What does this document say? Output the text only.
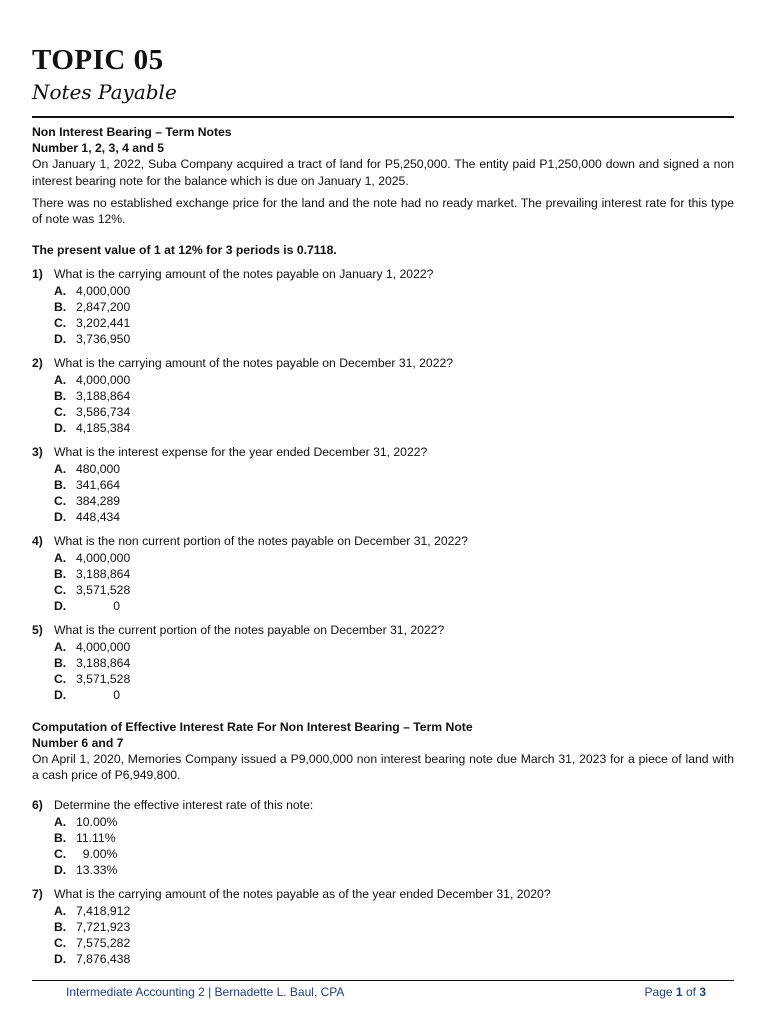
TOPIC 05
Notes Payable
Non Interest Bearing – Term Notes
Number 1, 2, 3, 4 and 5

On January 1, 2022, Suba Company acquired a tract of land for P5,250,000. The entity paid P1,250,000 down and signed a non interest bearing note for the balance which is due on January 1, 2025.

There was no established exchange price for the land and the note had no ready market. The prevailing interest rate for this type of note was 12%.

The present value of 1 at 12% for 3 periods is 0.7118.
1) What is the carrying amount of the notes payable on January 1, 2022?
A. 4,000,000
B. 2,847,200
C. 3,202,441
D. 3,736,950
2) What is the carrying amount of the notes payable on December 31, 2022?
A. 4,000,000
B. 3,188,864
C. 3,586,734
D. 4,185,384
3) What is the interest expense for the year ended December 31, 2022?
A. 480,000
B. 341,664
C. 384,289
D. 448,434
4) What is the non current portion of the notes payable on December 31, 2022?
A. 4,000,000
B. 3,188,864
C. 3,571,528
D. 0
5) What is the current portion of the notes payable on December 31, 2022?
A. 4,000,000
B. 3,188,864
C. 3,571,528
D. 0
Computation of Effective Interest Rate For Non Interest Bearing – Term Note
Number 6 and 7

On April 1, 2020, Memories Company issued a P9,000,000 non interest bearing note due March 31, 2023 for a piece of land with a cash price of P6,949,800.

6) Determine the effective interest rate of this note:
A. 10.00%
B. 11.11%
C. 9.00%
D. 13.33%
7) What is the carrying amount of the notes payable as of the year ended December 31, 2020?
A. 7,418,912
B. 7,721,923
C. 7,575,282
D. 7,876,438
Intermediate Accounting 2 | Bernadette L. Baul, CPA	Page 1 of 3
